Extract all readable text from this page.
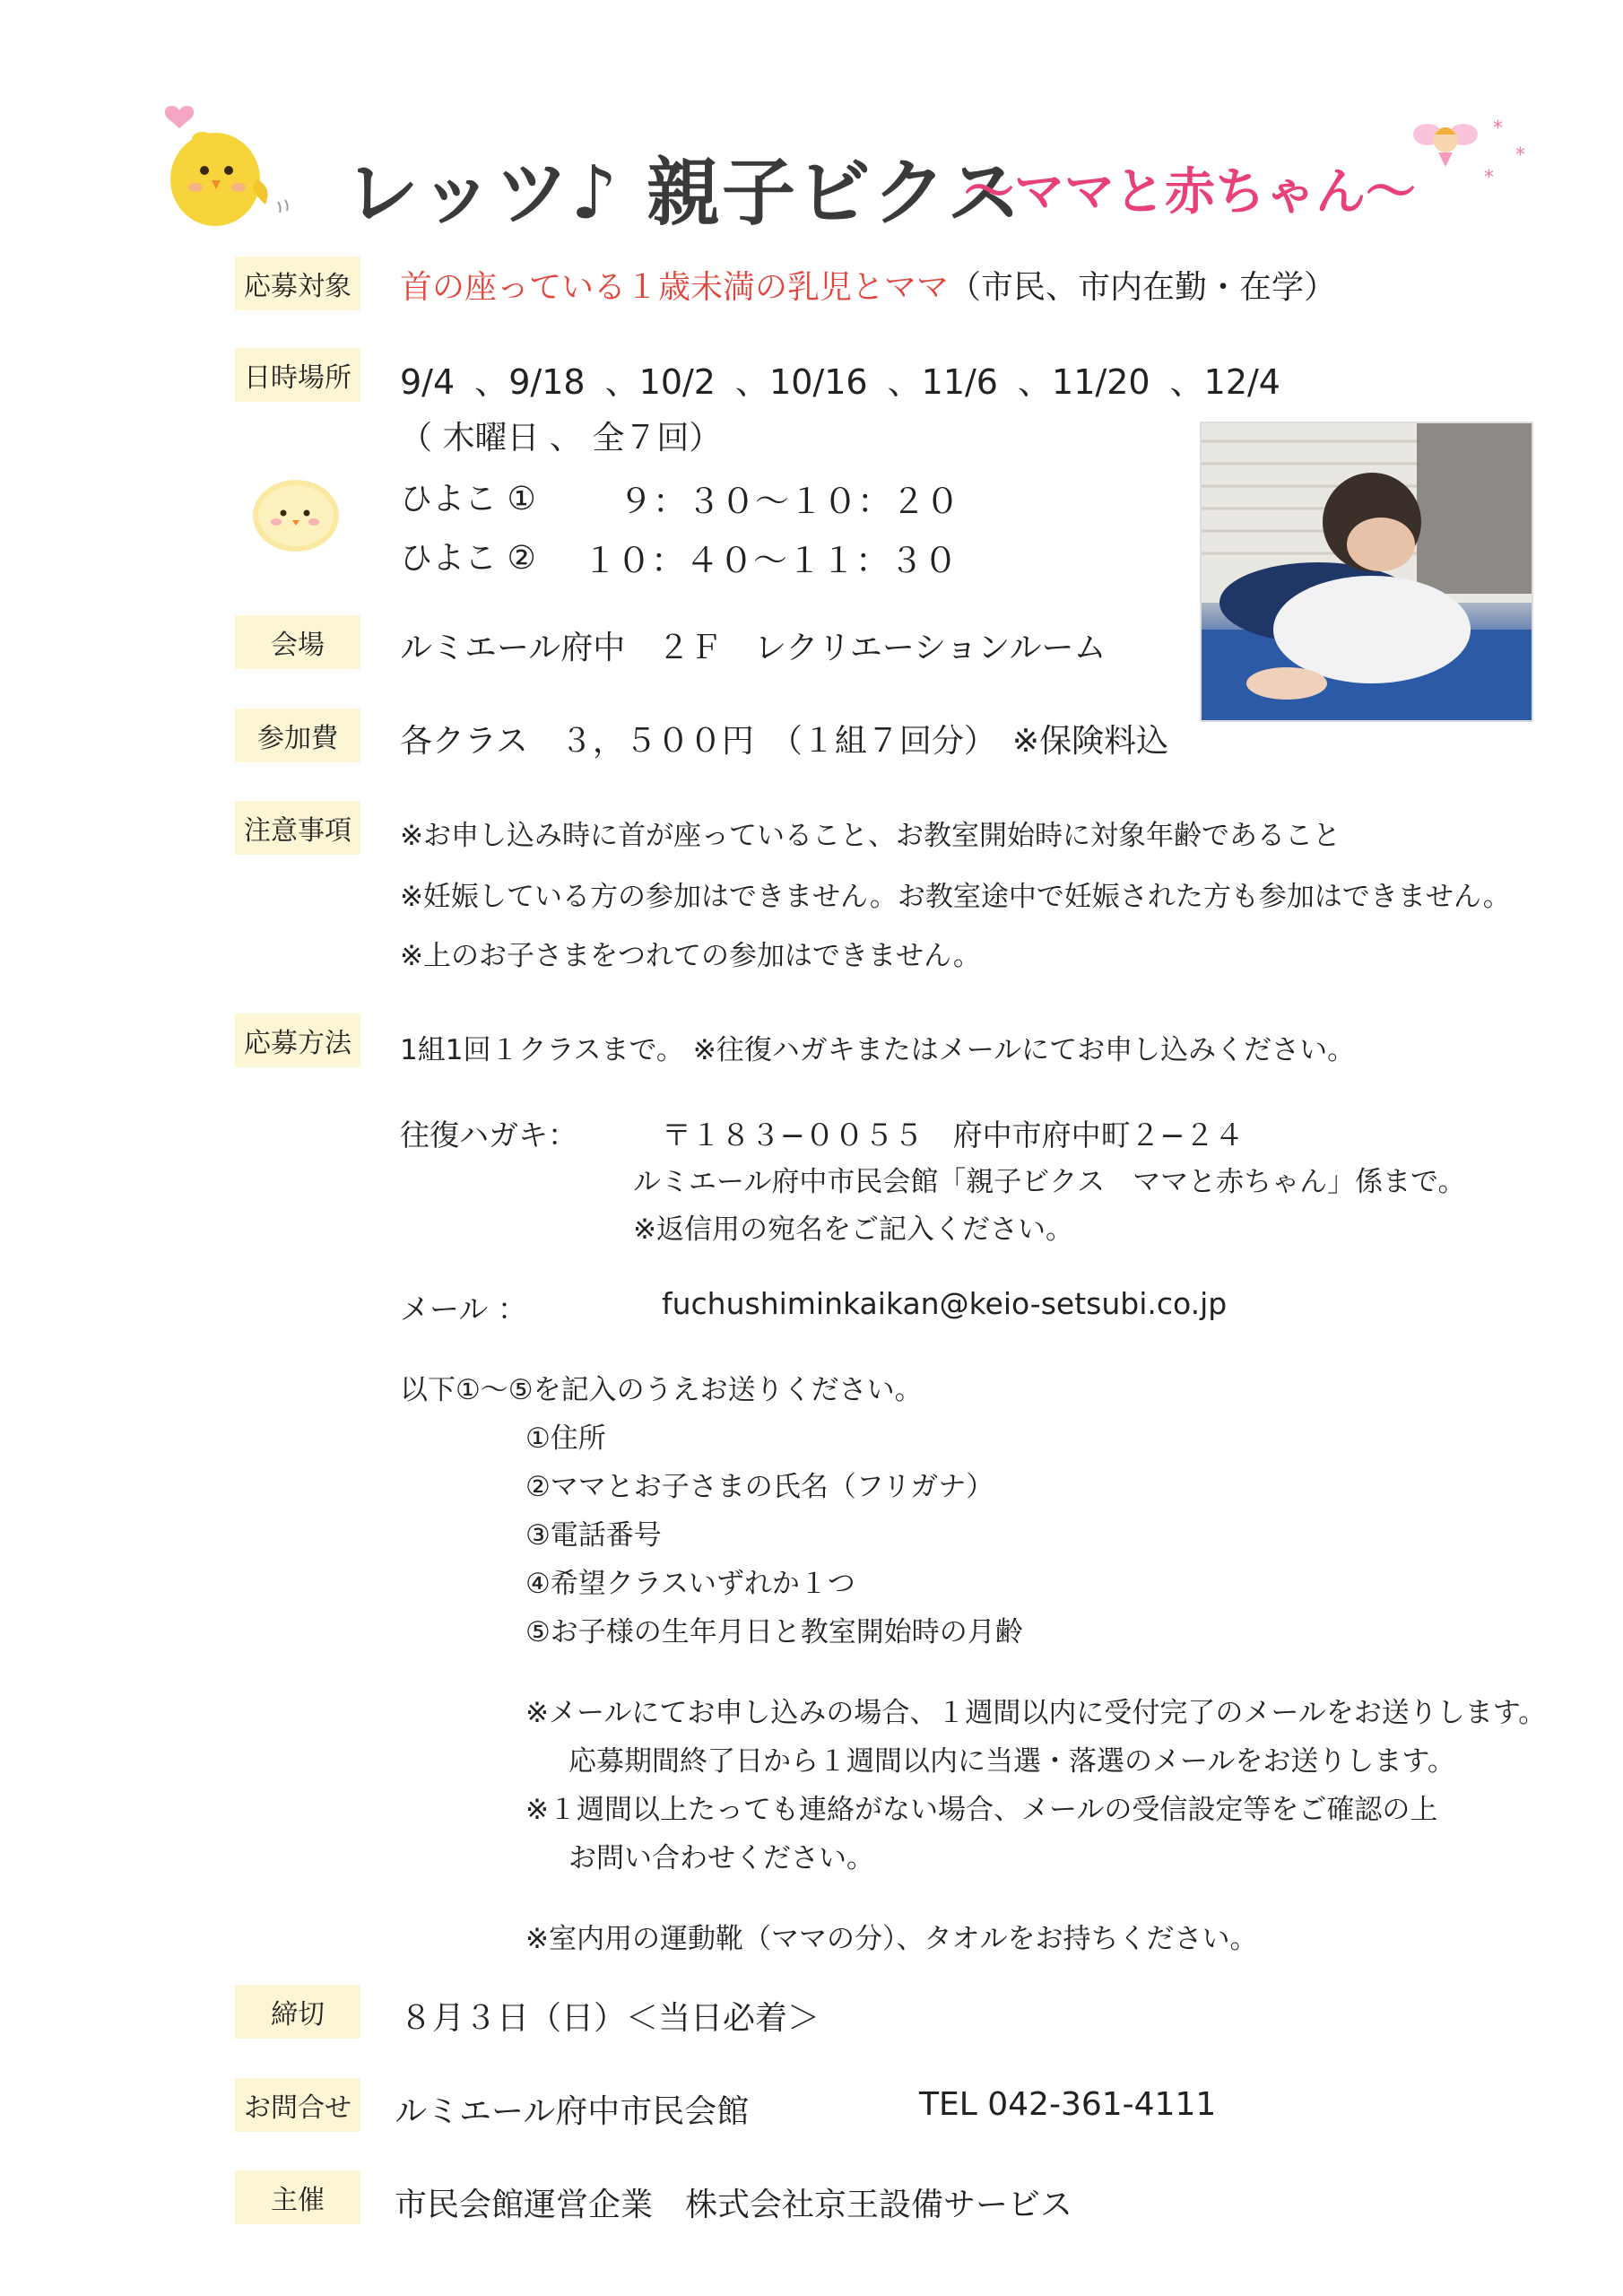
レッツ♪ 親子ビクス
〜ママと赤ちゃん〜
*
*
*
応募対象 首の座っている１歳未満の乳児とママ（市民、市内在勤・在学）
日時場所 9/4 、9/18 、10/2 、10/16 、11/6 、11/20 、12/4
（ 木曜日 、 全７回）
ひよこ ① ９：３０〜１０：２０
ひよこ ② １０：４０〜１１：３０
会場	ルミエール府中　２Ｆ　レクリエーションルーム
参加費	各クラス　３，５００円　（１組７回分）　※保険料込
注意事項	※お申し込み時に首が座っていること、お教室開始時に対象年齢であること
※妊娠している方の参加はできません。お教室途中で妊娠された方も参加はできません。
※上のお子さまをつれての参加はできません。
応募方法	1組1回１クラスまで。 ※往復ハガキまたはメールにてお申し込みください。
往復ハガキ：	〒１８３−００５５　府中市府中町２−２４
ルミエール府中市民会館「親子ビクス　ママと赤ちゃん」係まで。
※返信用の宛名をご記入ください。
メール ：	fuchushiminkaikan@keio-setsubi.co.jp
以下①〜⑤を記入のうえお送りください。
①住所
②ママとお子さまの氏名（フリガナ）
③電話番号
④希望クラスいずれか１つ
⑤お子様の生年月日と教室開始時の月齢
※メールにてお申し込みの場合、１週間以内に受付完了のメールをお送りします。
応募期間終了日から１週間以内に当選・落選のメールをお送りします。
※１週間以上たっても連絡がない場合、メールの受信設定等をご確認の上
お問い合わせください。
※室内用の運動靴（ママの分）、タオルをお持ちください。
締切	８月３日（日）＜当日必着＞
お問合せ ルミエール府中市民会館	TEL 042-361-4111
主催	市民会館運営企業　株式会社京王設備サービス
